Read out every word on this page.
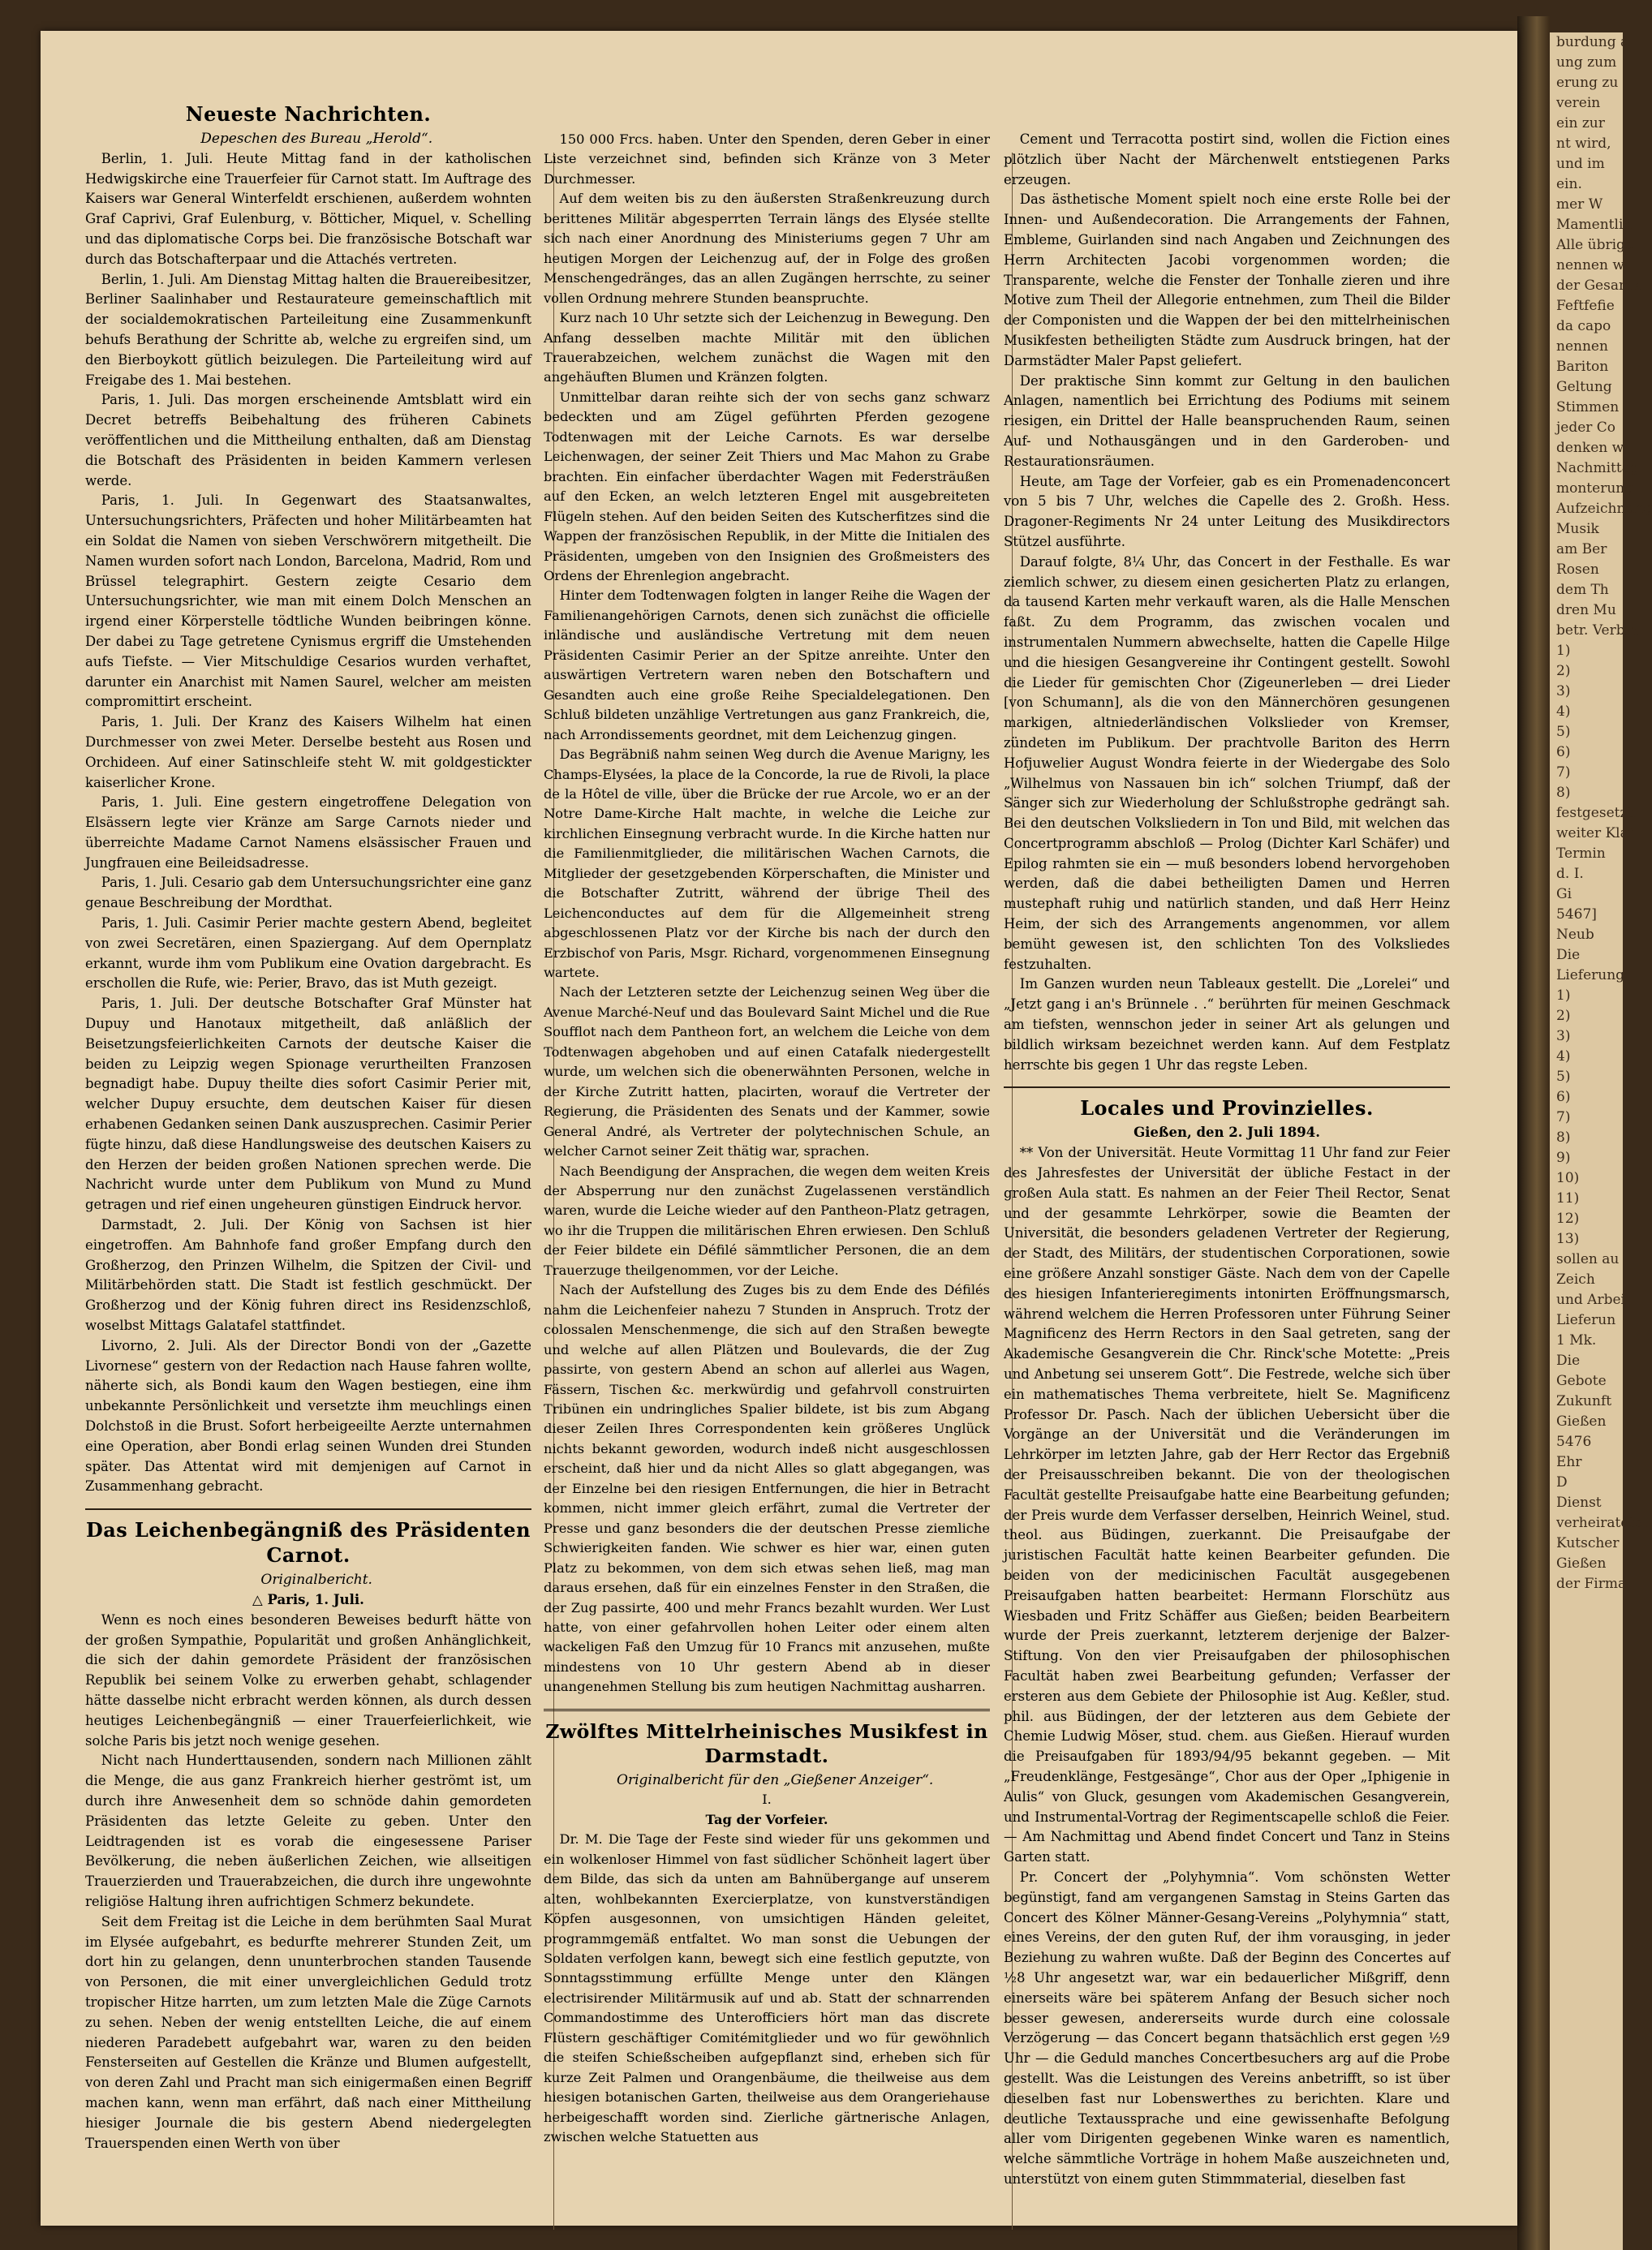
Neueste Nachrichten.

Depeschen des Bureau „Herold“.

Berlin, 1. Juli. Heute Mittag fand in der katholischen Hedwigskirche eine Trauerfeier für Carnot statt. Im Auftrage des Kaisers war General Winterfeldt erschienen, außerdem wohnten Graf Caprivi, Graf Eulenburg, v. Bötticher, Miquel, v. Schelling und das diplomatische Corps bei. Die französische Botschaft war durch das Botschafterpaar und die Attachés vertreten.

Berlin, 1. Juli. Am Dienstag Mittag halten die Brauereibesitzer, Berliner Saalinhaber und Restaurateure gemeinschaftlich mit der socialdemokratischen Parteileitung eine Zusammenkunft behufs Berathung der Schritte ab, welche zu ergreifen sind, um den Bierboykott gütlich beizulegen. Die Parteileitung wird auf Freigabe des 1. Mai bestehen.

Paris, 1. Juli. Das morgen erscheinende Amtsblatt wird ein Decret betreffs Beibehaltung des früheren Cabinets veröffentlichen und die Mittheilung enthalten, daß am Dienstag die Botschaft des Präsidenten in beiden Kammern verlesen werde.

Paris, 1. Juli. In Gegenwart des Staatsanwaltes, Untersuchungsrichters, Präfecten und hoher Militärbeamten hat ein Soldat die Namen von sieben Verschwörern mitgetheilt. Die Namen wurden sofort nach London, Barcelona, Madrid, Rom und Brüssel telegraphirt. Gestern zeigte Cesario dem Untersuchungsrichter, wie man mit einem Dolch Menschen an irgend einer Körperstelle tödtliche Wunden beibringen könne. Der dabei zu Tage getretene Cynismus ergriff die Umstehenden aufs Tiefste. — Vier Mitschuldige Cesarios wurden verhaftet, darunter ein Anarchist mit Namen Saurel, welcher am meisten compromittirt erscheint.

Paris, 1. Juli. Der Kranz des Kaisers Wilhelm hat einen Durchmesser von zwei Meter. Derselbe besteht aus Rosen und Orchideen. Auf einer Satinschleife steht W. mit goldgestickter kaiserlicher Krone.

Paris, 1. Juli. Eine gestern eingetroffene Delegation von Elsässern legte vier Kränze am Sarge Carnots nieder und überreichte Madame Carnot Namens elsässischer Frauen und Jungfrauen eine Beileidsadresse.

Paris, 1. Juli. Cesario gab dem Untersuchungsrichter eine ganz genaue Beschreibung der Mordthat.

Paris, 1. Juli. Casimir Perier machte gestern Abend, begleitet von zwei Secretären, einen Spaziergang. Auf dem Opernplatz erkannt, wurde ihm vom Publikum eine Ovation dargebracht. Es erschollen die Rufe, wie: Perier, Bravo, das ist Muth gezeigt.

Paris, 1. Juli. Der deutsche Botschafter Graf Münster hat Dupuy und Hanotaux mitgetheilt, daß anläßlich der Beisetzungsfeierlichkeiten Carnots der deutsche Kaiser die beiden zu Leipzig wegen Spionage verurtheilten Franzosen begnadigt habe. Dupuy theilte dies sofort Casimir Perier mit, welcher Dupuy ersuchte, dem deutschen Kaiser für diesen erhabenen Gedanken seinen Dank auszusprechen. Casimir Perier fügte hinzu, daß diese Handlungsweise des deutschen Kaisers zu den Herzen der beiden großen Nationen sprechen werde. Die Nachricht wurde unter dem Publikum von Mund zu Mund getragen und rief einen ungeheuren günstigen Eindruck hervor.

Darmstadt, 2. Juli. Der König von Sachsen ist hier eingetroffen. Am Bahnhofe fand großer Empfang durch den Großherzog, den Prinzen Wilhelm, die Spitzen der Civil- und Militärbehörden statt. Die Stadt ist festlich geschmückt. Der Großherzog und der König fuhren direct ins Residenzschloß, woselbst Mittags Galatafel stattfindet.

Livorno, 2. Juli. Als der Director Bondi von der „Gazette Livornese“ gestern von der Redaction nach Hause fahren wollte, näherte sich, als Bondi kaum den Wagen bestiegen, eine ihm unbekannte Persönlichkeit und versetzte ihm meuchlings einen Dolchstoß in die Brust. Sofort herbeigeeilte Aerzte unternahmen eine Operation, aber Bondi erlag seinen Wunden drei Stunden später. Das Attentat wird mit demjenigen auf Carnot in Zusammenhang gebracht.

Das Leichenbegängniß des Präsidenten Carnot.

Originalbericht.

△ Paris, 1. Juli.

Wenn es noch eines besonderen Beweises bedurft hätte von der großen Sympathie, Popularität und großen Anhänglichkeit, die sich der dahin gemordete Präsident der französischen Republik bei seinem Volke zu erwerben gehabt, schlagender hätte dasselbe nicht erbracht werden können, als durch dessen heutiges Leichenbegängniß — einer Trauerfeierlichkeit, wie solche Paris bis jetzt noch wenige gesehen.

Nicht nach Hunderttausenden, sondern nach Millionen zählt die Menge, die aus ganz Frankreich hierher geströmt ist, um durch ihre Anwesenheit dem so schnöde dahin gemordeten Präsidenten das letzte Geleite zu geben. Unter den Leidtragenden ist es vorab die eingesessene Pariser Bevölkerung, die neben äußerlichen Zeichen, wie allseitigen Trauerzierden und Trauerabzeichen, die durch ihre ungewohnte religiöse Haltung ihren aufrichtigen Schmerz bekundete.

Seit dem Freitag ist die Leiche in dem berühmten Saal Murat im Elysée aufgebahrt, es bedurfte mehrerer Stunden Zeit, um dort hin zu gelangen, denn ununterbrochen standen Tausende von Personen, die mit einer unvergleichlichen Geduld trotz tropischer Hitze harrten, um zum letzten Male die Züge Carnots zu sehen. Neben der wenig entstellten Leiche, die auf einem niederen Paradebett aufgebahrt war, waren zu den beiden Fensterseiten auf Gestellen die Kränze und Blumen aufgestellt, von deren Zahl und Pracht man sich einigermaßen einen Begriff machen kann, wenn man erfährt, daß nach einer Mittheilung hiesiger Journale die bis gestern Abend niedergelegten Trauerspenden einen Werth von über

150 000 Frcs. haben. Unter den Spenden, deren Geber in einer Liste verzeichnet sind, befinden sich Kränze von 3 Meter Durchmesser.

Auf dem weiten bis zu den äußersten Straßenkreuzung durch berittenes Militär abgesperrten Terrain längs des Elysée stellte sich nach einer Anordnung des Ministeriums gegen 7 Uhr am heutigen Morgen der Leichenzug auf, der in Folge des großen Menschengedränges, das an allen Zugängen herrschte, zu seiner vollen Ordnung mehrere Stunden beanspruchte.

Kurz nach 10 Uhr setzte sich der Leichenzug in Bewegung. Den Anfang desselben machte Militär mit den üblichen Trauerabzeichen, welchem zunächst die Wagen mit den angehäuften Blumen und Kränzen folgten.

Unmittelbar daran reihte sich der von sechs ganz schwarz bedeckten und am Zügel geführten Pferden gezogene Todtenwagen mit der Leiche Carnots. Es war derselbe Leichenwagen, der seiner Zeit Thiers und Mac Mahon zu Grabe brachten. Ein einfacher überdachter Wagen mit Federsträußen auf den Ecken, an welch letzteren Engel mit ausgebreiteten Flügeln stehen. Auf den beiden Seiten des Kutscherfitzes sind die Wappen der französischen Republik, in der Mitte die Initialen des Präsidenten, umgeben von den Insignien des Großmeisters des Ordens der Ehrenlegion angebracht.

Hinter dem Todtenwagen folgten in langer Reihe die Wagen der Familienangehörigen Carnots, denen sich zunächst die officielle inländische und ausländische Vertretung mit dem neuen Präsidenten Casimir Perier an der Spitze anreihte. Unter den auswärtigen Vertretern waren neben den Botschaftern und Gesandten auch eine große Reihe Specialdelegationen. Den Schluß bildeten unzählige Vertretungen aus ganz Frankreich, die, nach Arrondissements geordnet, mit dem Leichenzug gingen.

Das Begräbniß nahm seinen Weg durch die Avenue Marigny, les Champs-Elysées, la place de la Concorde, la rue de Rivoli, la place de la Hôtel de ville, über die Brücke der rue Arcole, wo er an der Notre Dame-Kirche Halt machte, in welche die Leiche zur kirchlichen Einsegnung verbracht wurde. In die Kirche hatten nur die Familienmitglieder, die militärischen Wachen Carnots, die Mitglieder der gesetzgebenden Körperschaften, die Minister und die Botschafter Zutritt, während der übrige Theil des Leichenconductes auf dem für die Allgemeinheit streng abgeschlossenen Platz vor der Kirche bis nach der durch den Erzbischof von Paris, Msgr. Richard, vorgenommenen Einsegnung wartete.

Nach der Letzteren setzte der Leichenzug seinen Weg über die Avenue Marché-Neuf und das Boulevard Saint Michel und die Rue Soufflot nach dem Pantheon fort, an welchem die Leiche von dem Todtenwagen abgehoben und auf einen Catafalk niedergestellt wurde, um welchen sich die obenerwähnten Personen, welche in der Kirche Zutritt hatten, placirten, worauf die Vertreter der Regierung, die Präsidenten des Senats und der Kammer, sowie General André, als Vertreter der polytechnischen Schule, an welcher Carnot seiner Zeit thätig war, sprachen.

Nach Beendigung der Ansprachen, die wegen dem weiten Kreis der Absperrung nur den zunächst Zugelassenen verständlich waren, wurde die Leiche wieder auf den Pantheon-Platz getragen, wo ihr die Truppen die militärischen Ehren erwiesen. Den Schluß der Feier bildete ein Défilé sämmtlicher Personen, die an dem Trauerzuge theilgenommen, vor der Leiche.

Nach der Aufstellung des Zuges bis zu dem Ende des Défilés nahm die Leichenfeier nahezu 7 Stunden in Anspruch. Trotz der colossalen Menschenmenge, die sich auf den Straßen bewegte und welche auf allen Plätzen und Boulevards, die der Zug passirte, von gestern Abend an schon auf allerlei aus Wagen, Fässern, Tischen &c. merkwürdig und gefahrvoll construirten Tribünen ein undringliches Spalier bildete, ist bis zum Abgang dieser Zeilen Ihres Correspondenten kein größeres Unglück nichts bekannt geworden, wodurch indeß nicht ausgeschlossen erscheint, daß hier und da nicht Alles so glatt abgegangen, was der Einzelne bei den riesigen Entfernungen, die hier in Betracht kommen, nicht immer gleich erfährt, zumal die Vertreter der Presse und ganz besonders die der deutschen Presse ziemliche Schwierigkeiten fanden. Wie schwer es hier war, einen guten Platz zu bekommen, von dem sich etwas sehen ließ, mag man daraus ersehen, daß für ein einzelnes Fenster in den Straßen, die der Zug passirte, 400 und mehr Francs bezahlt wurden. Wer Lust hatte, von einer gefahrvollen hohen Leiter oder einem alten wackeligen Faß den Umzug für 10 Francs mit anzusehen, mußte mindestens von 10 Uhr gestern Abend ab in dieser unangenehmen Stellung bis zum heutigen Nachmittag ausharren.

Zwölftes Mittelrheinisches Musikfest in Darmstadt.

Originalbericht für den „Gießener Anzeiger“.

I.

Tag der Vorfeier.

Dr. M. Die Tage der Feste sind wieder für uns gekommen und ein wolkenloser Himmel von fast südlicher Schönheit lagert über dem Bilde, das sich da unten am Bahnübergange auf unserem alten, wohlbekannten Exercierplatze, von kunstverständigen Köpfen ausgesonnen, von umsichtigen Händen geleitet, programmgemäß entfaltet. Wo man sonst die Uebungen der Soldaten verfolgen kann, bewegt sich eine festlich geputzte, von Sonntagsstimmung erfüllte Menge unter den Klängen electrisirender Militärmusik auf und ab. Statt der schnarrenden Commandostimme des Unterofficiers hört man das discrete Flüstern geschäftiger Comitémitglieder und wo für gewöhnlich die steifen Schießscheiben aufgepflanzt sind, erheben sich für kurze Zeit Palmen und Orangenbäume, die theilweise aus dem hiesigen botanischen Garten, theilweise aus dem Orangeriehause herbeigeschafft worden sind. Zierliche gärtnerische Anlagen, zwischen welche Statuetten aus

Cement und Terracotta postirt sind, wollen die Fiction eines plötzlich über Nacht der Märchenwelt entstiegenen Parks erzeugen.

Das ästhetische Moment spielt noch eine erste Rolle bei der Innen- und Außendecoration. Die Arrangements der Fahnen, Embleme, Guirlanden sind nach Angaben und Zeichnungen des Herrn Architecten Jacobi vorgenommen worden; die Transparente, welche die Fenster der Tonhalle zieren und ihre Motive zum Theil der Allegorie entnehmen, zum Theil die Bilder der Componisten und die Wappen der bei den mittelrheinischen Musikfesten betheiligten Städte zum Ausdruck bringen, hat der Darmstädter Maler Papst geliefert.

Der praktische Sinn kommt zur Geltung in den baulichen Anlagen, namentlich bei Errichtung des Podiums mit seinem riesigen, ein Drittel der Halle beanspruchenden Raum, seinen Auf- und Nothausgängen und in den Garderoben- und Restaurationsräumen.

Heute, am Tage der Vorfeier, gab es ein Promenadenconcert von 5 bis 7 Uhr, welches die Capelle des 2. Großh. Hess. Dragoner-Regiments Nr 24 unter Leitung des Musikdirectors Stützel ausführte.

Darauf folgte, 8¼ Uhr, das Concert in der Festhalle. Es war ziemlich schwer, zu diesem einen gesicherten Platz zu erlangen, da tausend Karten mehr verkauft waren, als die Halle Menschen faßt. Zu dem Programm, das zwischen vocalen und instrumentalen Nummern abwechselte, hatten die Capelle Hilge und die hiesigen Gesangvereine ihr Contingent gestellt. Sowohl die Lieder für gemischten Chor (Zigeunerleben — drei Lieder [von Schumann], als die von den Männerchören gesungenen markigen, altniederländischen Volkslieder von Kremser, zündeten im Publikum. Der prachtvolle Bariton des Herrn Hofjuwelier August Wondra feierte in der Wiedergabe des Solo „Wilhelmus von Nassauen bin ich“ solchen Triumpf, daß der Sänger sich zur Wiederholung der Schlußstrophe gedrängt sah. Bei den deutschen Volksliedern in Ton und Bild, mit welchen das Concertprogramm abschloß — Prolog (Dichter Karl Schäfer) und Epilog rahmten sie ein — muß besonders lobend hervorgehoben werden, daß die dabei betheiligten Damen und Herren mustерhaft ruhig und natürlich standen, und daß Herr Heinz Heim, der sich des Arrangements angenommen, vor allem bemüht gewesen ist, den schlichten Ton des Volksliedes festzuhalten.

Im Ganzen wurden neun Tableaux gestellt. Die „Loreleі“ und „Jetzt gang i an's Brünnele . .“ berührten für meinen Geschmack am tiefsten, wennschon jeder in seiner Art als gelungen und bildlich wirksam bezeichnet werden kann. Auf dem Festplatz herrschte bis gegen 1 Uhr das regste Leben.

Locales und Provinzielles.

Gießen, den 2. Juli 1894.

** Von der Universität. Heute Vormittag 11 Uhr fand zur Feier des Jahresfestes der Universität der übliche Festact in der großen Aula statt. Es nahmen an der Feier Theil Rector, Senat und der gesammte Lehrkörper, sowie die Beamten der Universität, die besonders geladenen Vertreter der Regierung, der Stadt, des Militärs, der studentischen Corporationen, sowie eine größere Anzahl sonstiger Gäste. Nach dem von der Capelle des hiesigen Infanterieregiments intonirten Eröffnungsmarsch, während welchem die Herren Professoren unter Führung Seiner Magnificenz des Herrn Rectors in den Saal getreten, sang der Akademische Gesangverein die Chr. Rinck'sche Motette: „Preis und Anbetung sei unserem Gott“. Die Festrede, welche sich über ein mathematisches Thema verbreitete, hielt Se. Magnificenz Professor Dr. Pasch. Nach der üblichen Uebersicht über die Vorgänge an der Universität und die Veränderungen im Lehrkörper im letzten Jahre, gab der Herr Rector das Ergebniß der Preisausschreiben bekannt. Die von der theologischen Facultät gestellte Preisaufgabe hatte eine Bearbeitung gefunden; der Preis wurde dem Verfasser derselben, Heinrich Weinel, stud. theol. aus Büdingen, zuerkannt. Die Preisaufgabe der juristischen Facultät hatte keinen Bearbeiter gefunden. Die beiden von der medicinischen Facultät ausgegebenen Preisaufgaben hatten bearbeitet: Hermann Florschütz aus Wiesbaden und Fritz Schäffer aus Gießen; beiden Bearbeitern wurde der Preis zuerkannt, letzterem derjenige der Balzer-Stiftung. Von den vier Preisaufgaben der philosophischen Facultät haben zwei Bearbeitung gefunden; Verfasser der ersteren aus dem Gebiete der Philosophie ist Aug. Keßler, stud. phil. aus Büdingen, der der letzteren aus dem Gebiete der Chemie Ludwig Möser, stud. chem. aus Gießen. Hierauf wurden die Preisaufgaben für 1893/94/95 bekannt gegeben. — Mit „Freudenklänge, Festgesänge“, Chor aus der Oper „Iphigenie in Aulis“ von Gluck, gesungen vom Akademischen Gesangverein, und Instrumental-Vortrag der Regimentscapelle schloß die Feier. — Am Nachmittag und Abend findet Concert und Tanz in Steins Garten statt.

Pr. Concert der „Polyhymnia“. Vom schönsten Wetter begünstigt, fand am vergangenen Samstag in Steins Garten das Concert des Kölner Männer-Gesang-Vereins „Polyhymnia“ statt, eines Vereins, der den guten Ruf, der ihm vorausging, in jeder Beziehung zu wahren wußte. Daß der Beginn des Concertes auf ½8 Uhr angesetzt war, war ein bedauerlicher Mißgriff, denn einerseits wäre bei späterem Anfang der Besuch sicher noch besser gewesen, andererseits wurde durch eine colossale Verzögerung — das Concert begann thatsächlich erst gegen ½9 Uhr — die Geduld manches Concertbesuchers arg auf die Probe gestellt. Was die Leistungen des Vereins anbetrifft, so ist über dieselben fast nur Lobenswerthes zu berichten. Klare und deutliche Textaussprache und eine gewissenhafte Befolgung aller vom Dirigenten gegebenen Winke waren es namentlich, welche sämmtliche Vorträge in hohem Maße auszeichneten und, unterstützt von einem guten Stimmmaterial, dieselben fast

burdung a
ung zum
erung zu
verein
ein zur
nt wird,
und im
ein.
mer W
Mamentlid
Alle übrige
nennen wi
der Gesamk
Feftfefie
da capo
nennen
Bariton
Geltung
Stimmen
jeder Co
denken wi
Nachmittag
monterung
Aufzeichnung
Musik
am Ber
Rosen
dem Th
dren Mu
betr. Verbin
1)
2)
3)
4)
5)
6)
7)
8)
festgesetzt.
weiter Klaf
Termin
d. I.
Gi
5467]
Neub
Die
Lieferung
1)
2)
3)
4)
5)
6)
7)
8)
9)
10)
11)
12)
13)
sollen au
Zeich
und Arbei
Lieferun
1 Mk.
Die
Gebote
Zukunft
Gießen
5476
Ehr
D
Dienst
verheirateter
Kutscher
Gießen
der Firma
